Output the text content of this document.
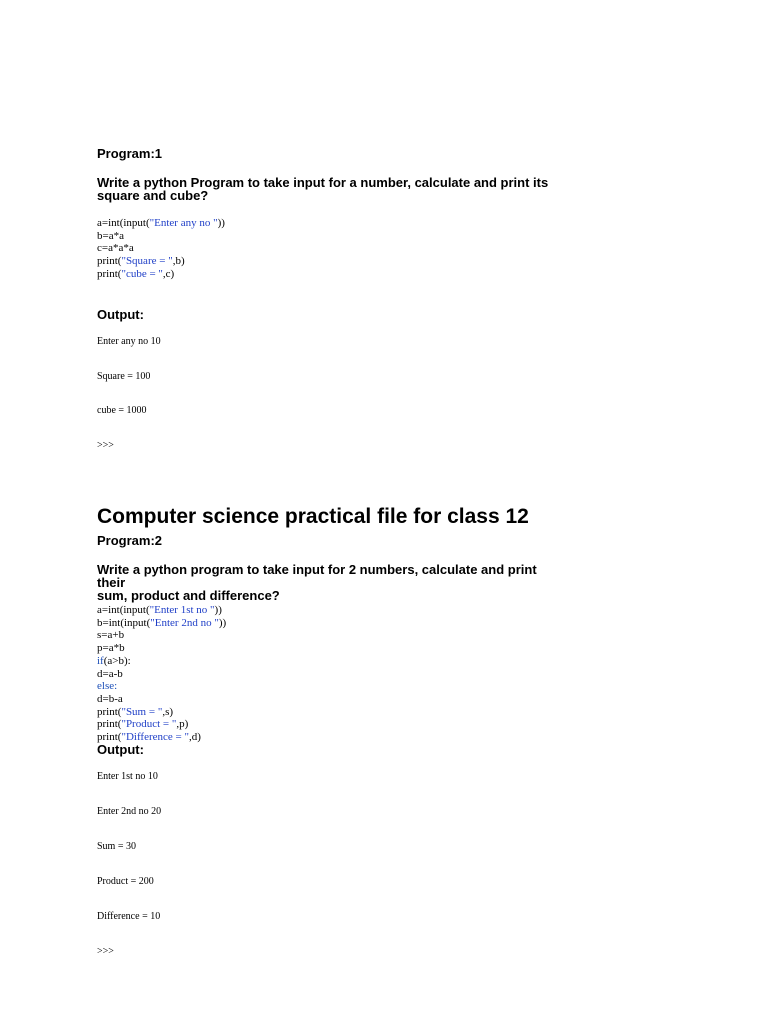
Program:1
Write a python Program to take input for a number, calculate and print its
square and cube?
a=int(input("Enter any no "))
b=a*a
c=a*a*a
print("Square = ",b)
print("cube = ",c)
Output:
Enter any no 10
Square = 100
cube = 1000
>>>
Computer science practical file for class 12
Program:2
Write a python program to take input for 2 numbers, calculate and print their
sum, product and difference?
a=int(input("Enter 1st no "))
b=int(input("Enter 2nd no "))
s=a+b
p=a*b
if(a>b):
d=a-b
else:
d=b-a
print("Sum = ",s)
print("Product = ",p)
print("Difference = ",d)
Output:
Enter 1st no 10
Enter 2nd no 20
Sum = 30
Product = 200
Difference = 10
>>>
